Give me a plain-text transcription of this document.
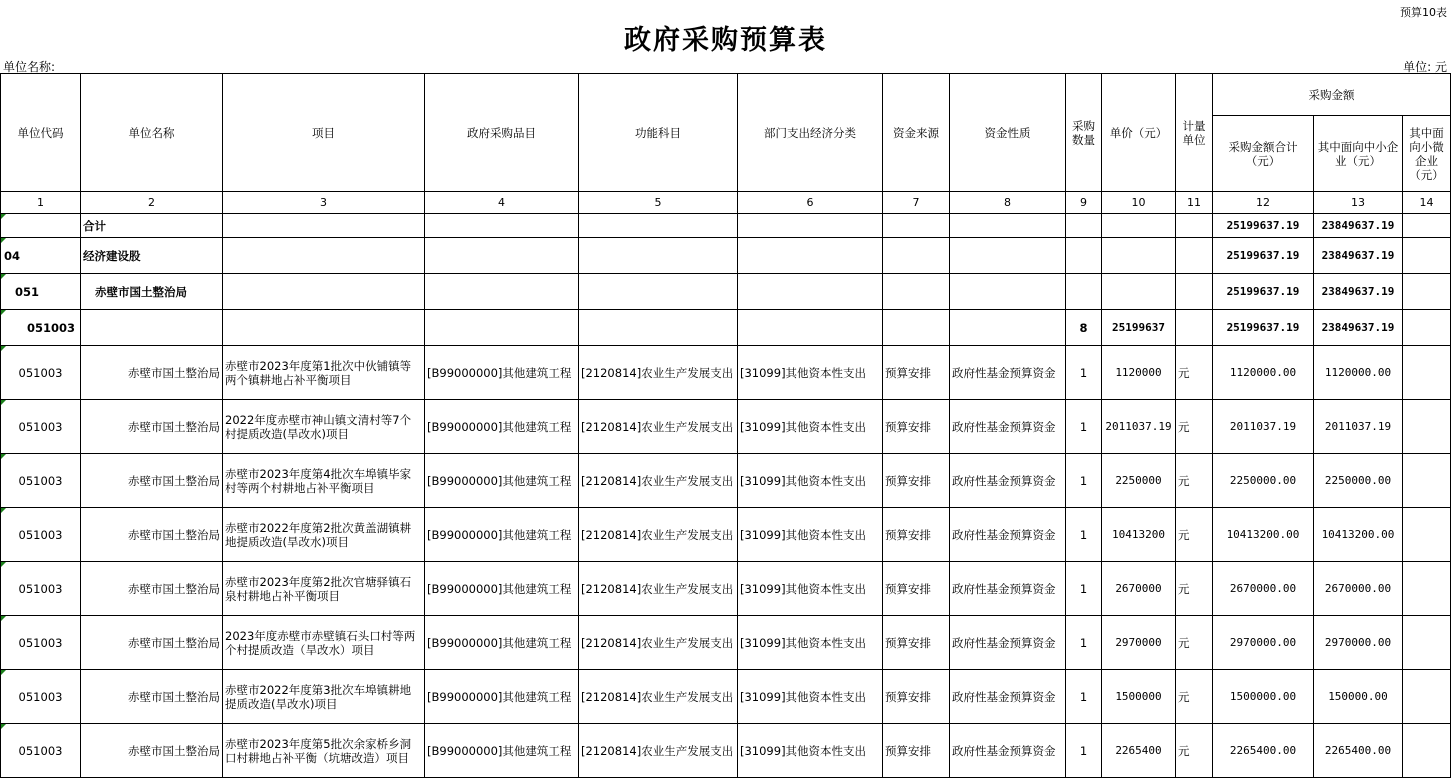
预算10表
政府采购预算表
单位名称:	单位: 元
单位代码	单位名称	项目	政府采购品目	功能科目	部门支出经济分类	资金来源	资金性质	采购数量	单价（元）	计量单位	采购金额		
											采购金额合计（元）	其中面向中小企业（元）	其中面向小微企业（元）
1	2	3	4	5	6	7	8	9	10	11	12	13	14
	合计										25199637.19	23849637.19	
04	经济建设股										25199637.19	23849637.19	
051	赤壁市国土整治局										25199637.19	23849637.19	
051003								8	25199637		25199637.19	23849637.19	
051003	赤壁市国土整治局	赤壁市2023年度第1批次中伙铺镇等两个镇耕地占补平衡项目	[B99000000]其他建筑工程	[2120814]农业生产发展支出	[31099]其他资本性支出	预算安排	政府性基金预算资金	1	1120000	元	1120000.00	1120000.00	
051003	赤壁市国土整治局	2022年度赤壁市神山镇文清村等7个村提质改造(旱改水)项目	[B99000000]其他建筑工程	[2120814]农业生产发展支出	[31099]其他资本性支出	预算安排	政府性基金预算资金	1	2011037.19	元	2011037.19	2011037.19	
051003	赤壁市国土整治局	赤壁市2023年度第4批次车埠镇毕家村等两个村耕地占补平衡项目	[B99000000]其他建筑工程	[2120814]农业生产发展支出	[31099]其他资本性支出	预算安排	政府性基金预算资金	1	2250000	元	2250000.00	2250000.00	
051003	赤壁市国土整治局	赤壁市2022年度第2批次黄盖湖镇耕地提质改造(旱改水)项目	[B99000000]其他建筑工程	[2120814]农业生产发展支出	[31099]其他资本性支出	预算安排	政府性基金预算资金	1	10413200	元	10413200.00	10413200.00	
051003	赤壁市国土整治局	赤壁市2023年度第2批次官塘驿镇石泉村耕地占补平衡项目	[B99000000]其他建筑工程	[2120814]农业生产发展支出	[31099]其他资本性支出	预算安排	政府性基金预算资金	1	2670000	元	2670000.00	2670000.00	
051003	赤壁市国土整治局	2023年度赤壁市赤壁镇石头口村等两个村提质改造（旱改水）项目	[B99000000]其他建筑工程	[2120814]农业生产发展支出	[31099]其他资本性支出	预算安排	政府性基金预算资金	1	2970000	元	2970000.00	2970000.00	
051003	赤壁市国土整治局	赤壁市2022年度第3批次车埠镇耕地提质改造(旱改水)项目	[B99000000]其他建筑工程	[2120814]农业生产发展支出	[31099]其他资本性支出	预算安排	政府性基金预算资金	1	1500000	元	1500000.00	150000.00	
051003	赤壁市国土整治局	赤壁市2023年度第5批次余家桥乡洞口村耕地占补平衡（坑塘改造）项目	[B99000000]其他建筑工程	[2120814]农业生产发展支出	[31099]其他资本性支出	预算安排	政府性基金预算资金	1	2265400	元	2265400.00	2265400.00	
